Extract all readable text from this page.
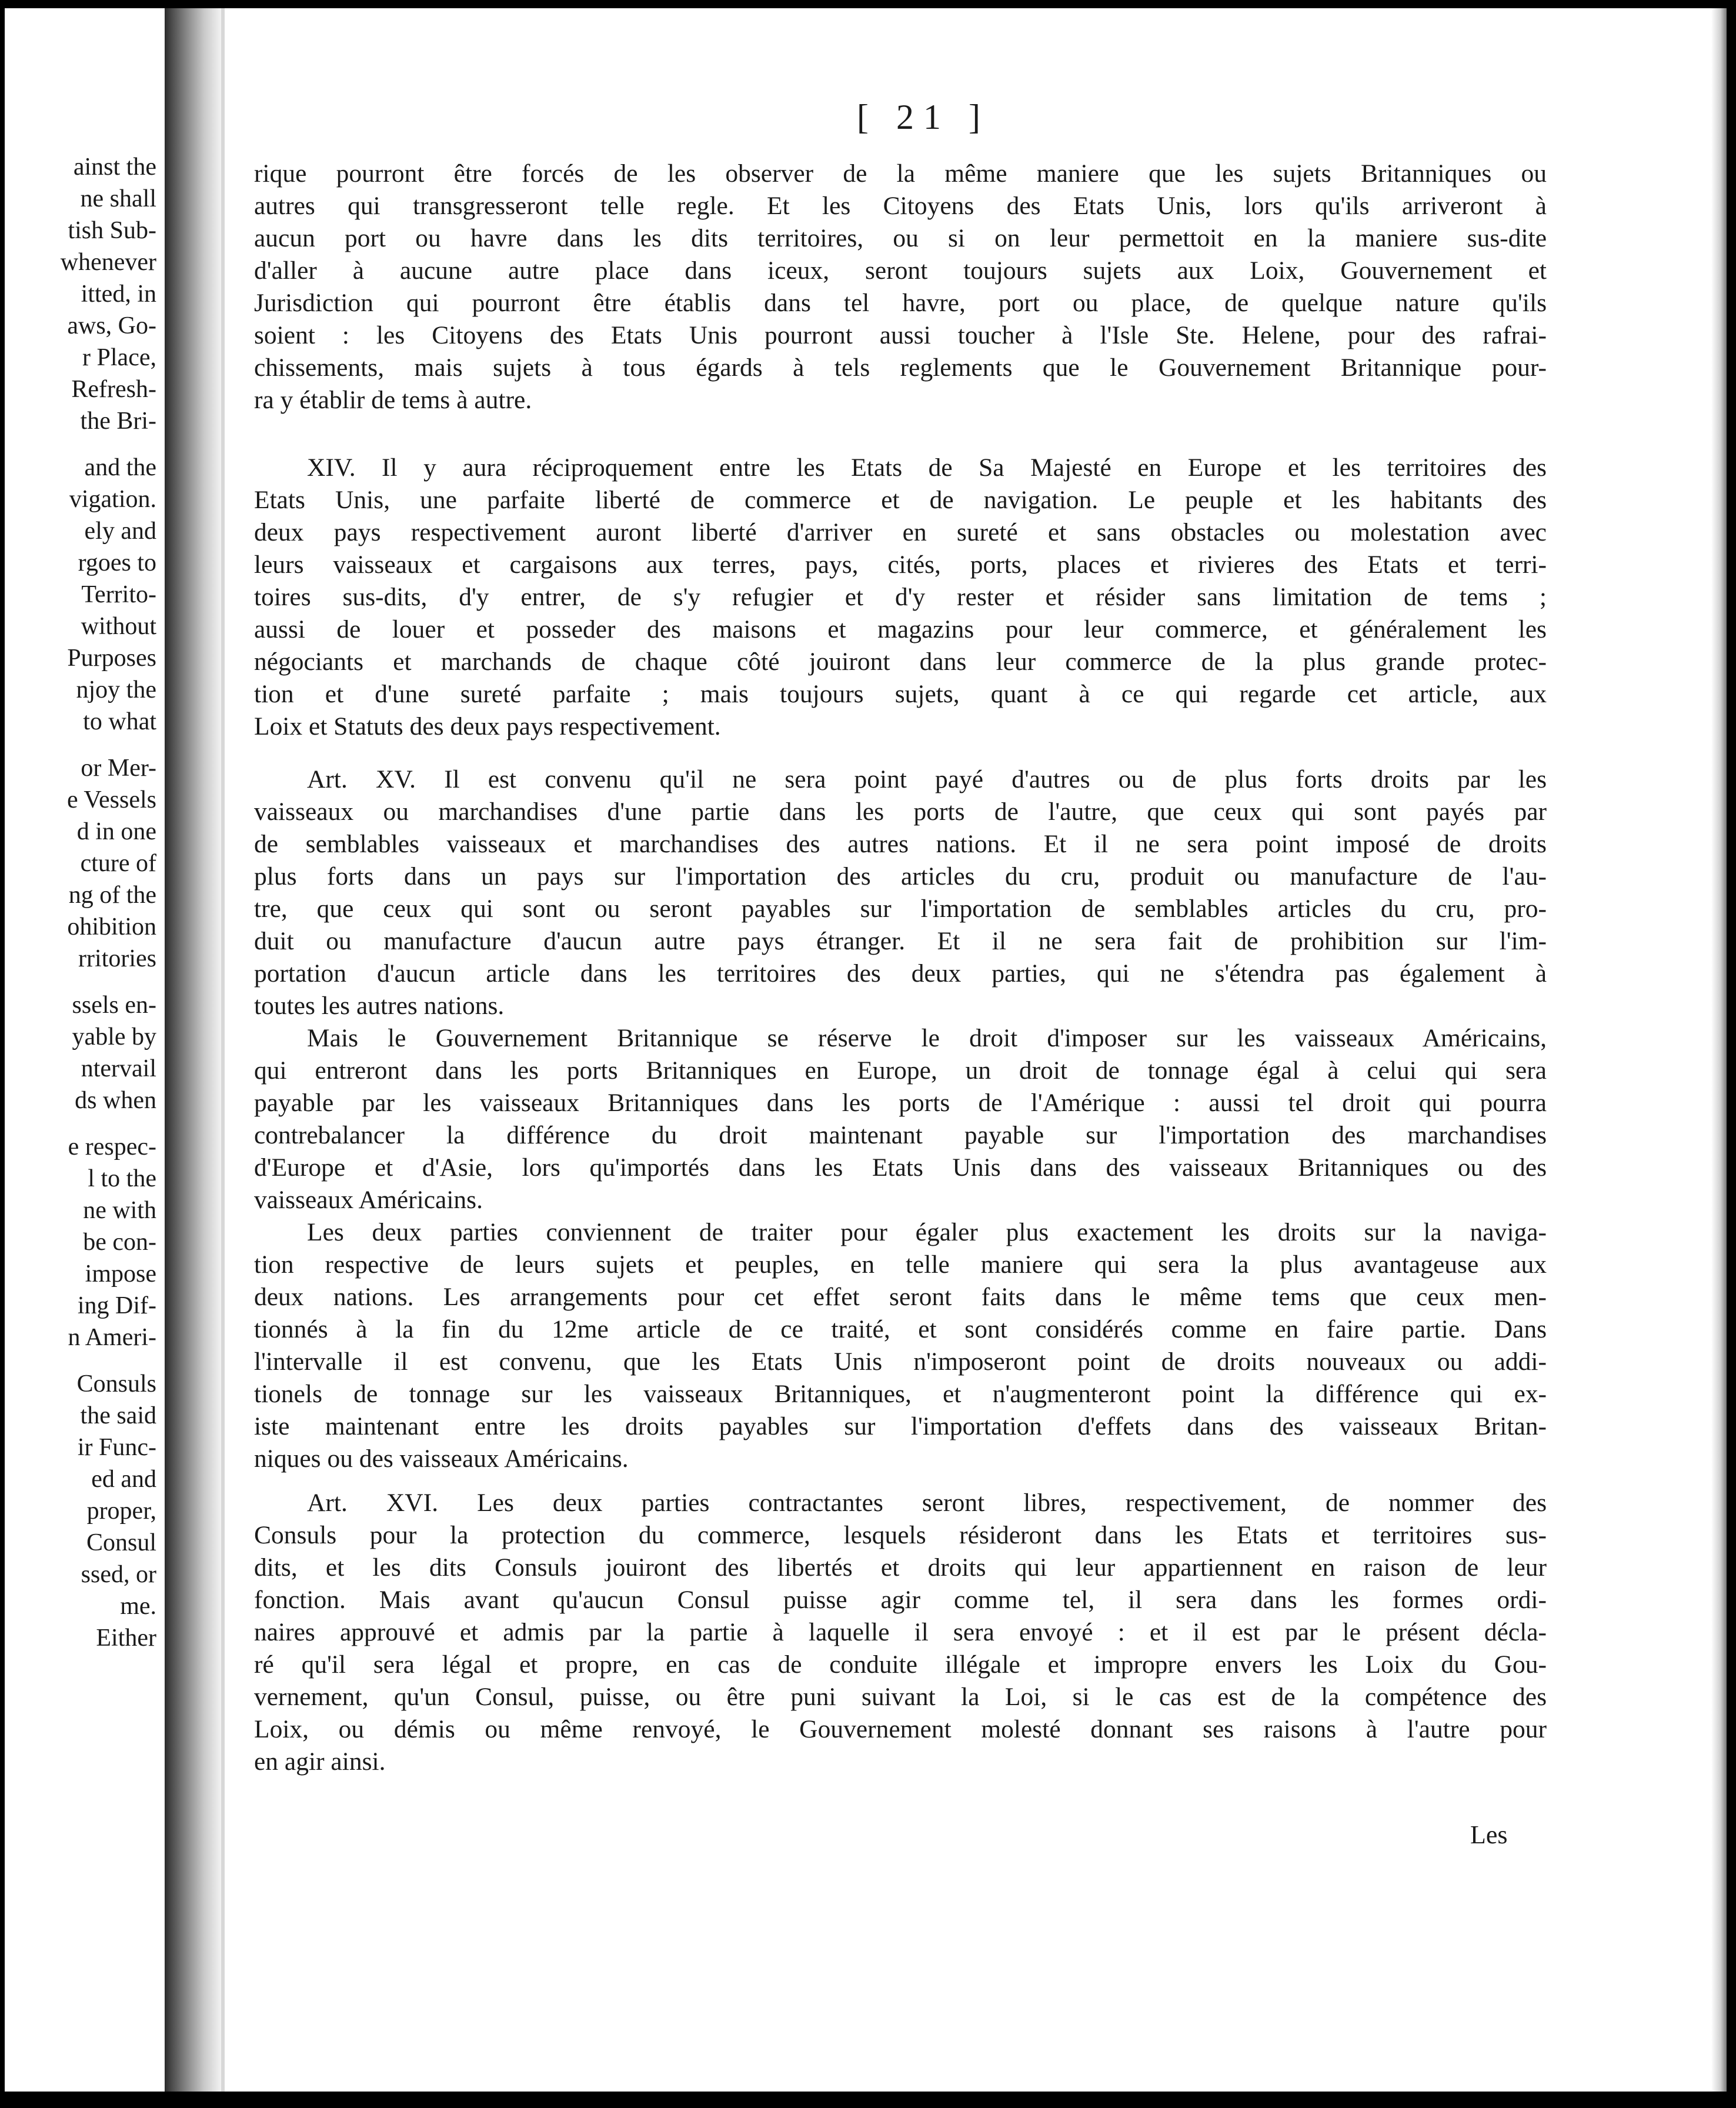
ainst the
ne shall
tish Sub-
whenever
itted, in
aws, Go-
r Place,
Refresh-
the Bri-
and the
vigation.
ely and
rgoes to
Territo-
without
Purposes
njoy the
to what
or Mer-
e Vessels
d in one
cture of
ng of the
ohibition
rritories
ssels en-
yable by
ntervail
ds when
e respec-
l to the
ne with
be con-
impose
ing Dif-
n Ameri-
Consuls
the said
ir Func-
ed and
proper,
Consul
ssed, or
me.
Either
[ 21 ]

rique pourront être forcés de les observer de la même maniere que les sujets Britanniques ou
autres qui transgresseront telle regle. Et les Citoyens des Etats Unis, lors qu'ils arriveront à
aucun port ou havre dans les dits territoires, ou si on leur permettoit en la maniere sus-dite
d'aller à aucune autre place dans iceux, seront toujours sujets aux Loix, Gouvernement et
Jurisdiction qui pourront être établis dans tel havre, port ou place, de quelque nature qu'ils
soient : les Citoyens des Etats Unis pourront aussi toucher à l'Isle Ste. Helene, pour des rafrai-
chissements, mais sujets à tous égards à tels reglements que le Gouvernement Britannique pour-
ra y établir de tems à autre.

XIV. Il y aura réciproquement entre les Etats de Sa Majesté en Europe et les territoires des
Etats Unis, une parfaite liberté de commerce et de navigation. Le peuple et les habitants des
deux pays respectivement auront liberté d'arriver en sureté et sans obstacles ou molestation avec
leurs vaisseaux et cargaisons aux terres, pays, cités, ports, places et rivieres des Etats et terri-
toires sus-dits, d'y entrer, de s'y refugier et d'y rester et résider sans limitation de tems ;
aussi de louer et posseder des maisons et magazins pour leur commerce, et généralement les
négociants et marchands de chaque côté jouiront dans leur commerce de la plus grande protec-
tion et d'une sureté parfaite ; mais toujours sujets, quant à ce qui regarde cet article, aux
Loix et Statuts des deux pays respectivement.

Art. XV. Il est convenu qu'il ne sera point payé d'autres ou de plus forts droits par les
vaisseaux ou marchandises d'une partie dans les ports de l'autre, que ceux qui sont payés par
de semblables vaisseaux et marchandises des autres nations. Et il ne sera point imposé de droits
plus forts dans un pays sur l'importation des articles du cru, produit ou manufacture de l'au-
tre, que ceux qui sont ou seront payables sur l'importation de semblables articles du cru, pro-
duit ou manufacture d'aucun autre pays étranger. Et il ne sera fait de prohibition sur l'im-
portation d'aucun article dans les territoires des deux parties, qui ne s'étendra pas également à
toutes les autres nations.

Mais le Gouvernement Britannique se réserve le droit d'imposer sur les vaisseaux Américains,
qui entreront dans les ports Britanniques en Europe, un droit de tonnage égal à celui qui sera
payable par les vaisseaux Britanniques dans les ports de l'Amérique : aussi tel droit qui pourra
contrebalancer la différence du droit maintenant payable sur l'importation des marchandises
d'Europe et d'Asie, lors qu'importés dans les Etats Unis dans des vaisseaux Britanniques ou des
vaisseaux Américains.

Les deux parties conviennent de traiter pour égaler plus exactement les droits sur la naviga-
tion respective de leurs sujets et peuples, en telle maniere qui sera la plus avantageuse aux
deux nations. Les arrangements pour cet effet seront faits dans le même tems que ceux men-
tionnés à la fin du 12me article de ce traité, et sont considérés comme en faire partie. Dans
l'intervalle il est convenu, que les Etats Unis n'imposeront point de droits nouveaux ou addi-
tionels de tonnage sur les vaisseaux Britanniques, et n'augmenteront point la différence qui ex-
iste maintenant entre les droits payables sur l'importation d'effets dans des vaisseaux Britan-
niques ou des vaisseaux Américains.

Art. XVI. Les deux parties contractantes seront libres, respectivement, de nommer des
Consuls pour la protection du commerce, lesquels résideront dans les Etats et territoires sus-
dits, et les dits Consuls jouiront des libertés et droits qui leur appartiennent en raison de leur
fonction. Mais avant qu'aucun Consul puisse agir comme tel, il sera dans les formes ordi-
naires approuvé et admis par la partie à laquelle il sera envoyé : et il est par le présent décla-
ré qu'il sera légal et propre, en cas de conduite illégale et impropre envers les Loix du Gou-
vernement, qu'un Consul, puisse, ou être puni suivant la Loi, si le cas est de la compétence des
Loix, ou démis ou même renvoyé, le Gouvernement molesté donnant ses raisons à l'autre pour
en agir ainsi.

Les
